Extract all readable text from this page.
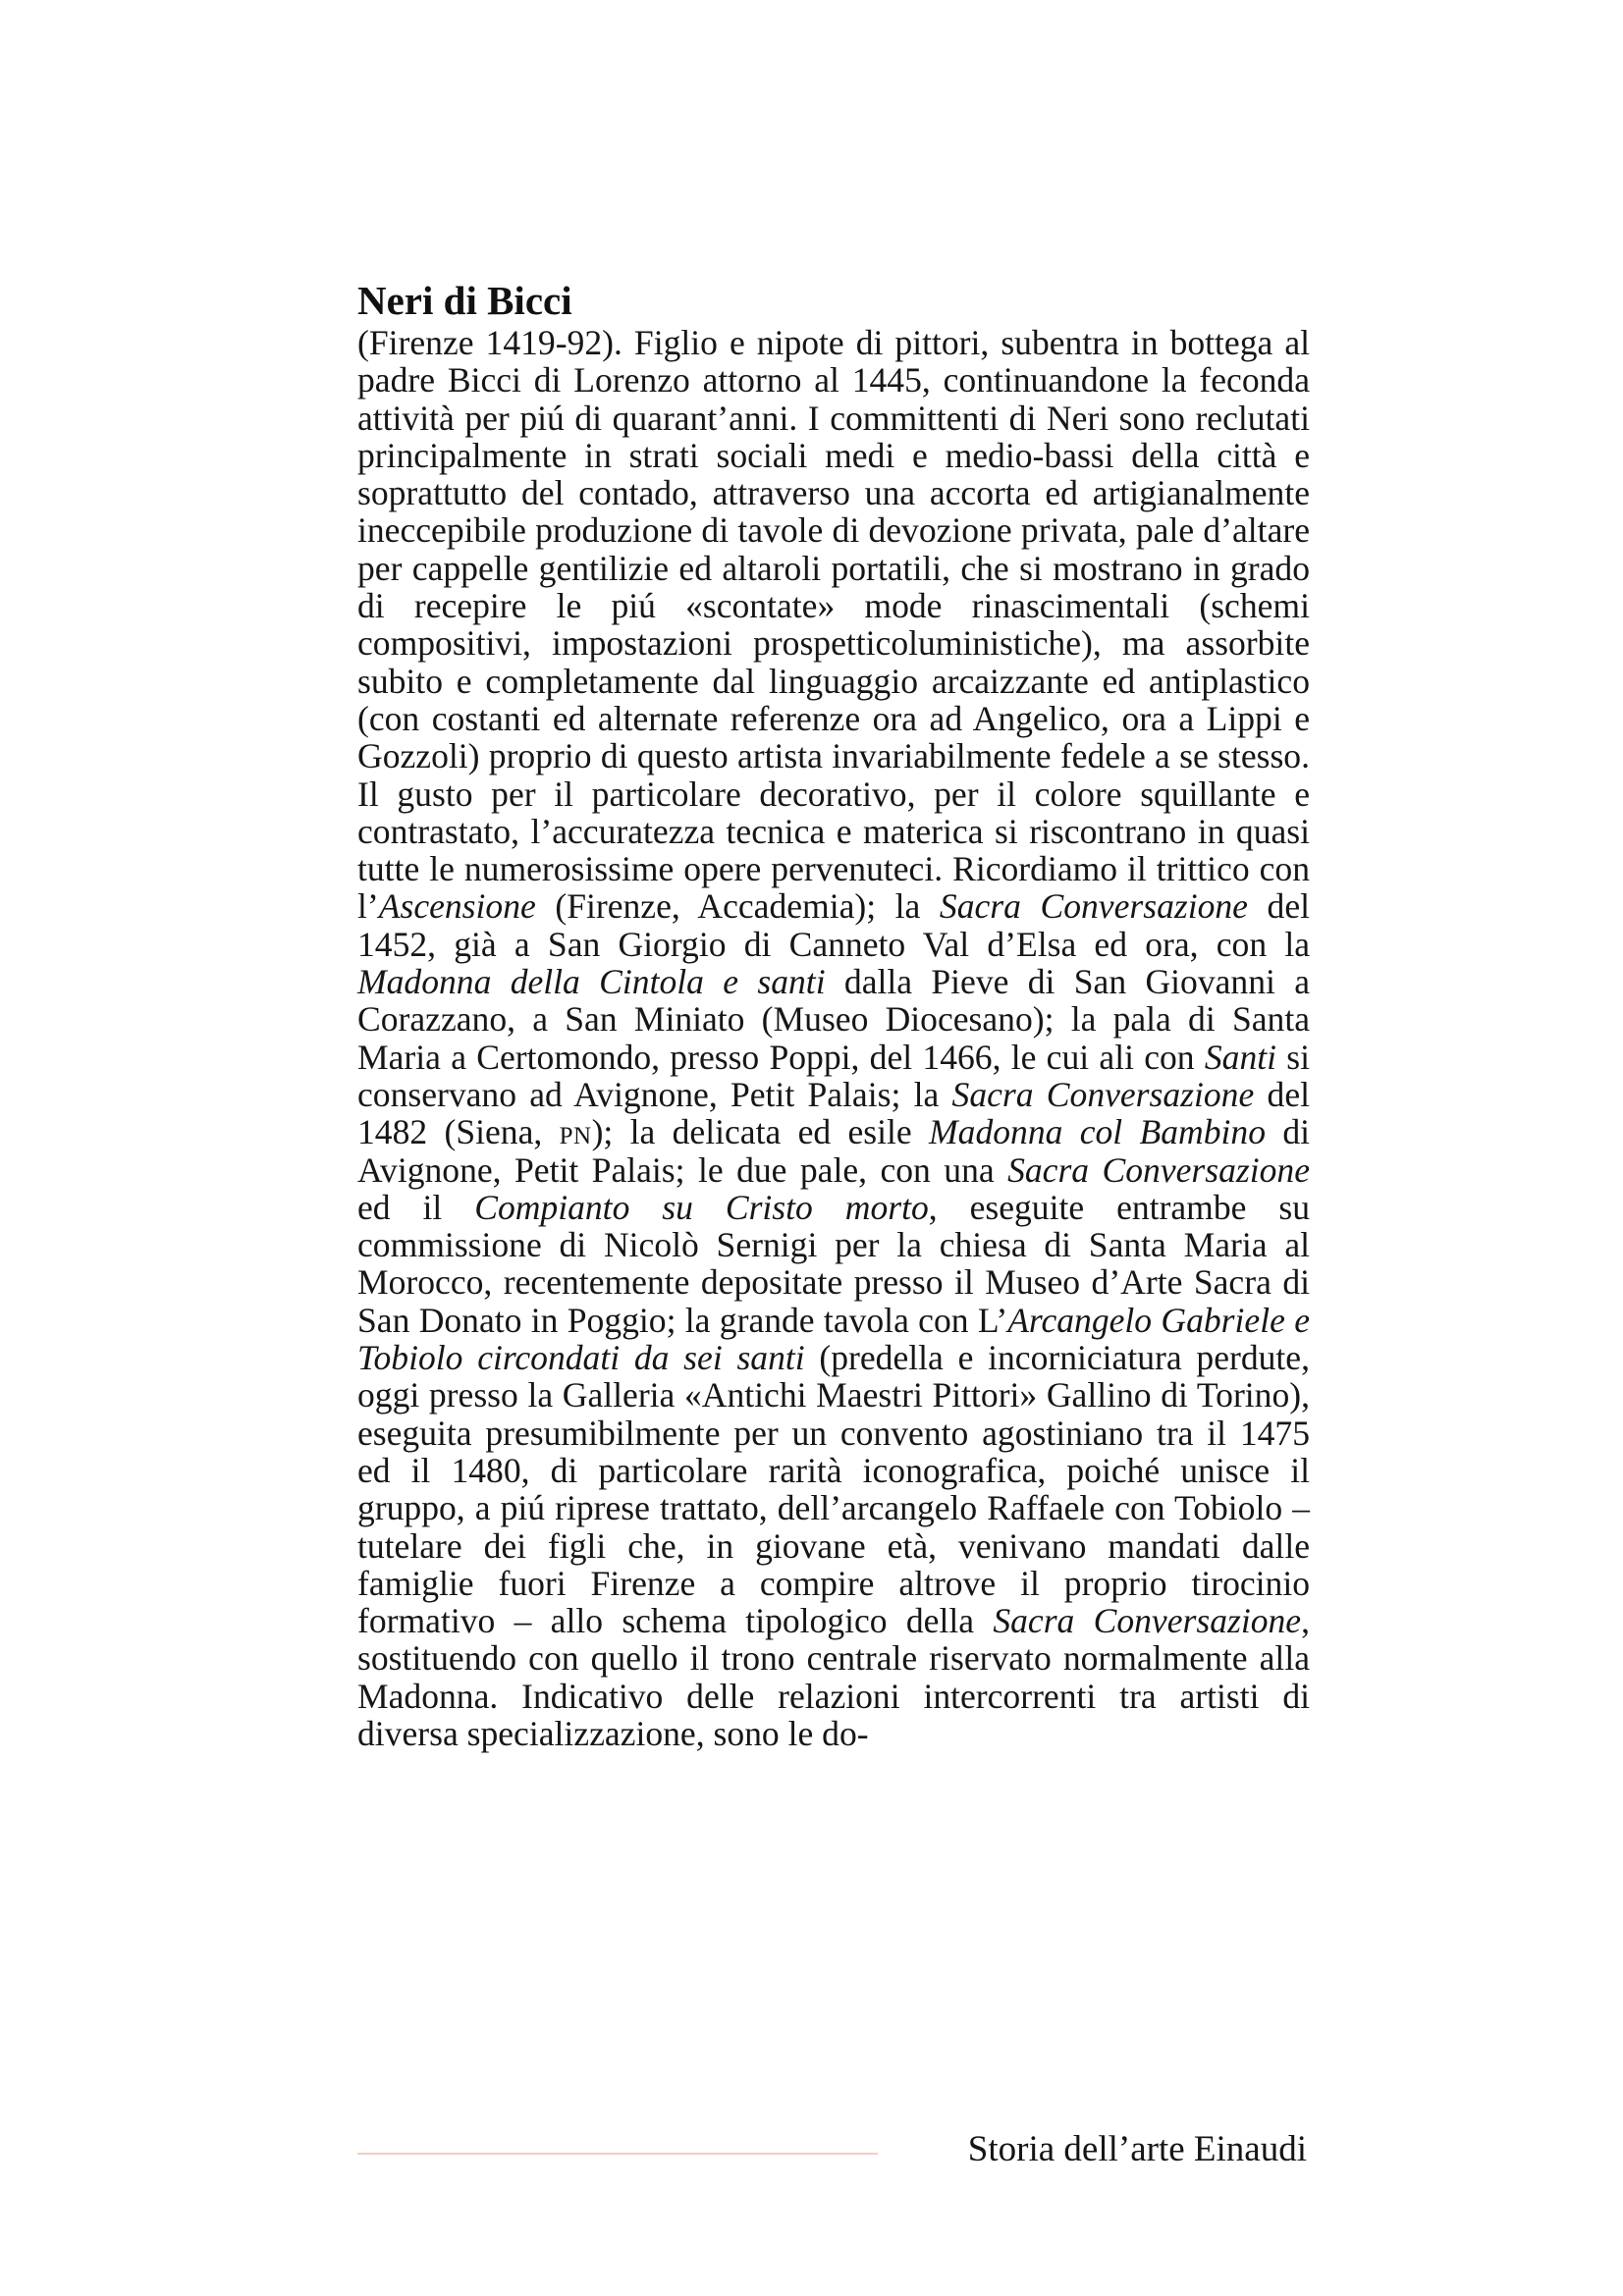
Neri di Bicci

(Firenze 1419-92). Figlio e nipote di pittori, subentra in bottega al padre Bicci di Lorenzo attorno al 1445, continuandone la feconda attività per piú di quarant’anni. I committenti di Neri sono reclutati principalmente in strati sociali medi e medio-bassi della città e soprattutto del contado, attraverso una accorta ed artigianalmente ineccepibile produzione di tavole di devozione privata, pale d’altare per cappelle gentilizie ed altaroli portatili, che si mostrano in grado di recepire le piú «scontate» mode rinascimentali (schemi compositivi, impostazioni prospetticoluministiche), ma assorbite subito e completamente dal linguaggio arcaizzante ed antiplastico (con costanti ed alternate referenze ora ad Angelico, ora a Lippi e Gozzoli) proprio di questo artista invariabilmente fedele a se stesso. Il gusto per il particolare decorativo, per il colore squillante e contrastato, l’accuratezza tecnica e materica si riscontrano in quasi tutte le numerosissime opere pervenuteci. Ricordiamo il trittico con l’Ascensione (Firenze, Accademia); la Sacra Conversazione del 1452, già a San Giorgio di Canneto Val d’Elsa ed ora, con la Madonna della Cintola e santi dalla Pieve di San Giovanni a Corazzano, a San Miniato (Museo Diocesano); la pala di Santa Maria a Certomondo, presso Poppi, del 1466, le cui ali con Santi si conservano ad Avignone, Petit Palais; la Sacra Conversazione del 1482 (Siena, pn); la delicata ed esile Madonna col Bambino di Avignone, Petit Palais; le due pale, con una Sacra Conversazione ed il Compianto su Cristo morto, eseguite entrambe su commissione di Nicolò Sernigi per la chiesa di Santa Maria al Morocco, recentemente depositate presso il Museo d’Arte Sacra di San Donato in Poggio; la grande tavola con L’Arcangelo Gabriele e Tobiolo circondati da sei santi (predella e incorniciatura perdute, oggi presso la Galleria «Antichi Maestri Pittori» Gallino di Torino), eseguita presumibilmente per un convento agostiniano tra il 1475 ed il 1480, di particolare rarità iconografica, poiché unisce il gruppo, a piú riprese trattato, dell’arcangelo Raffaele con Tobiolo – tutelare dei figli che, in giovane età, venivano mandati dalle famiglie fuori Firenze a compire altrove il proprio tirocinio formativo – allo schema tipologico della Sacra Conversazione, sostituendo con quello il trono centrale riservato normalmente alla Madonna. Indicativo delle relazioni intercorrenti tra artisti di diversa specializzazione, sono le do-

Storia dell’arte Einaudi
